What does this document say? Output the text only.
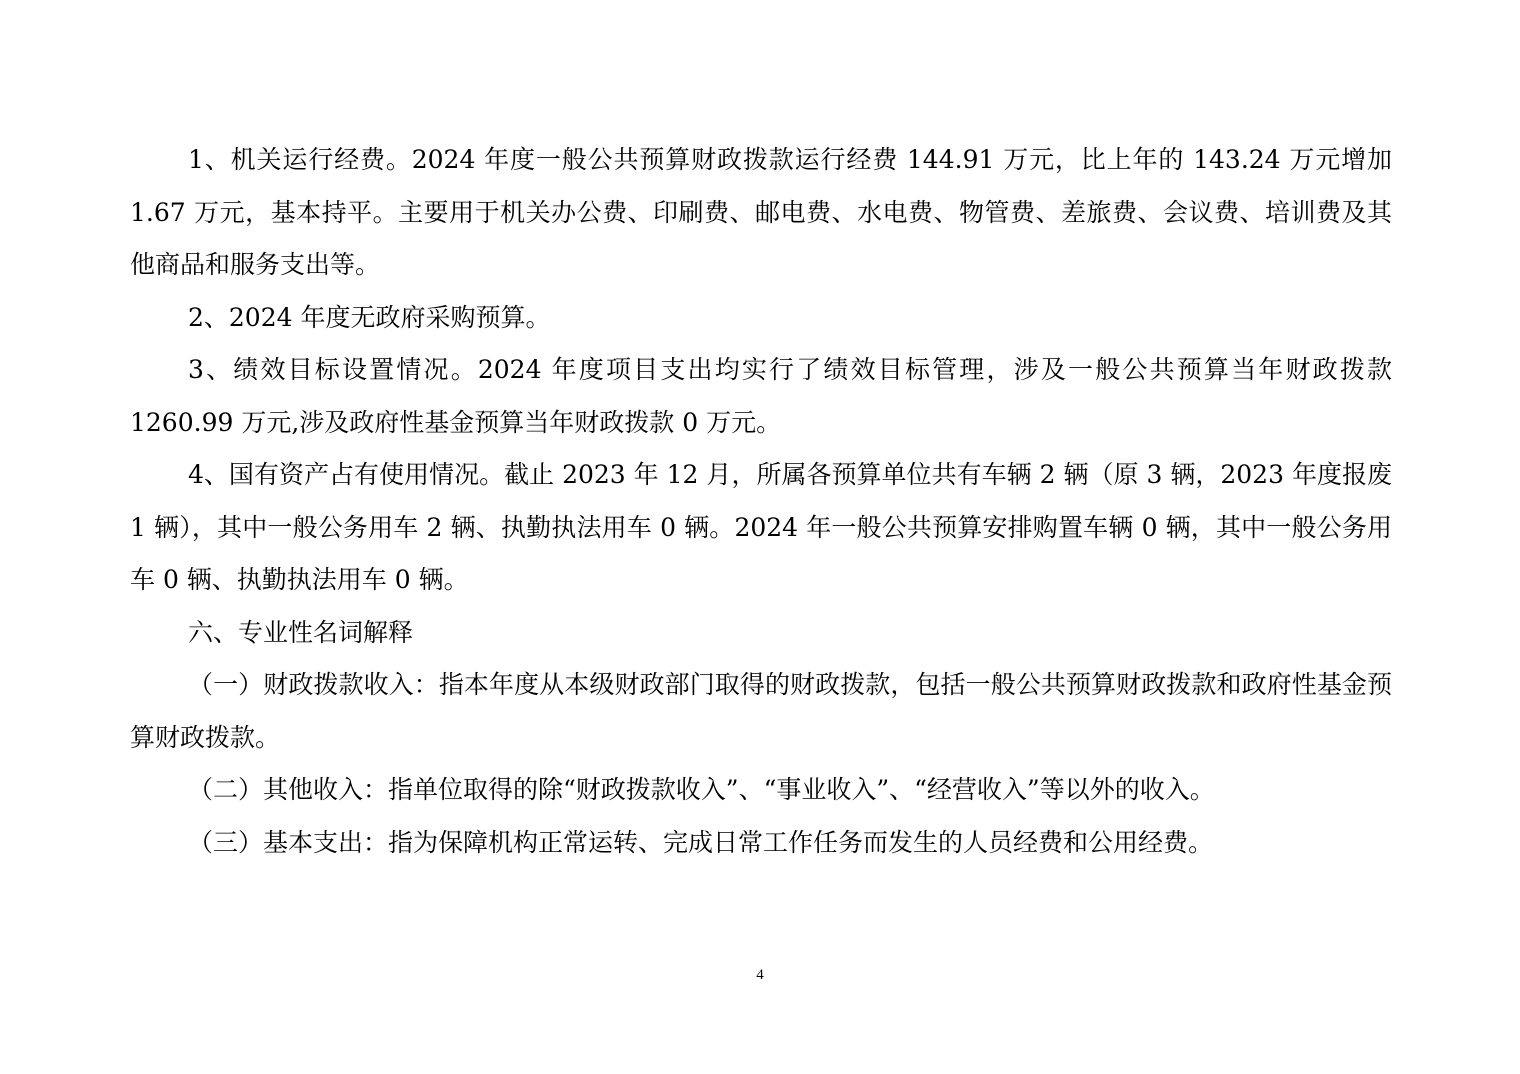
1、机关运行经费。2024 年度一般公共预算财政拨款运行经费 144.91 万元，比上年的 143.24 万元增加 1.67 万元，基本持平。主要用于机关办公费、印刷费、邮电费、水电费、物管费、差旅费、会议费、培训费及其他商品和服务支出等。

2、2024 年度无政府采购预算。

3、绩效目标设置情况。2024 年度项目支出均实行了绩效目标管理，涉及一般公共预算当年财政拨款 1260.99 万元,涉及政府性基金预算当年财政拨款 0 万元。

4、国有资产占有使用情况。截止 2023 年 12 月，所属各预算单位共有车辆 2 辆（原 3 辆，2023 年度报废 1 辆），其中一般公务用车 2 辆、执勤执法用车 0 辆。2024 年一般公共预算安排购置车辆 0 辆，其中一般公务用车 0 辆、执勤执法用车 0 辆。

六、专业性名词解释

（一）财政拨款收入：指本年度从本级财政部门取得的财政拨款，包括一般公共预算财政拨款和政府性基金预算财政拨款。

（二）其他收入：指单位取得的除“财政拨款收入”、“事业收入”、“经营收入”等以外的收入。

（三）基本支出：指为保障机构正常运转、完成日常工作任务而发生的人员经费和公用经费。

4
